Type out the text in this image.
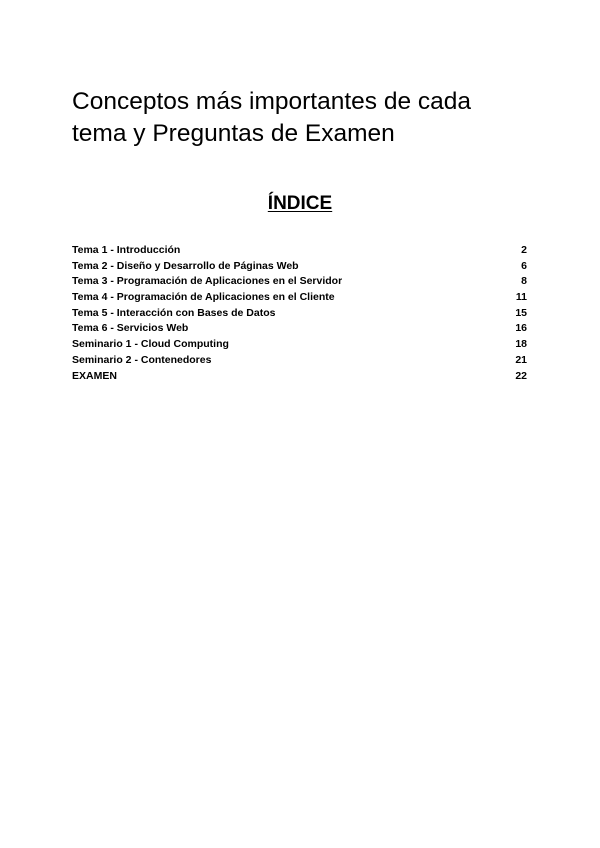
Conceptos más importantes de cada
tema y Preguntas de Examen
ÍNDICE
Tema 1 - Introducción	2
Tema 2 - Diseño y Desarrollo de Páginas Web	6
Tema 3 - Programación de Aplicaciones en el Servidor	8
Tema 4 - Programación de Aplicaciones en el Cliente	11
Tema 5 - Interacción con Bases de Datos	15
Tema 6 - Servicios Web	16
Seminario 1 - Cloud Computing	18
Seminario 2 - Contenedores	21
EXAMEN	22
